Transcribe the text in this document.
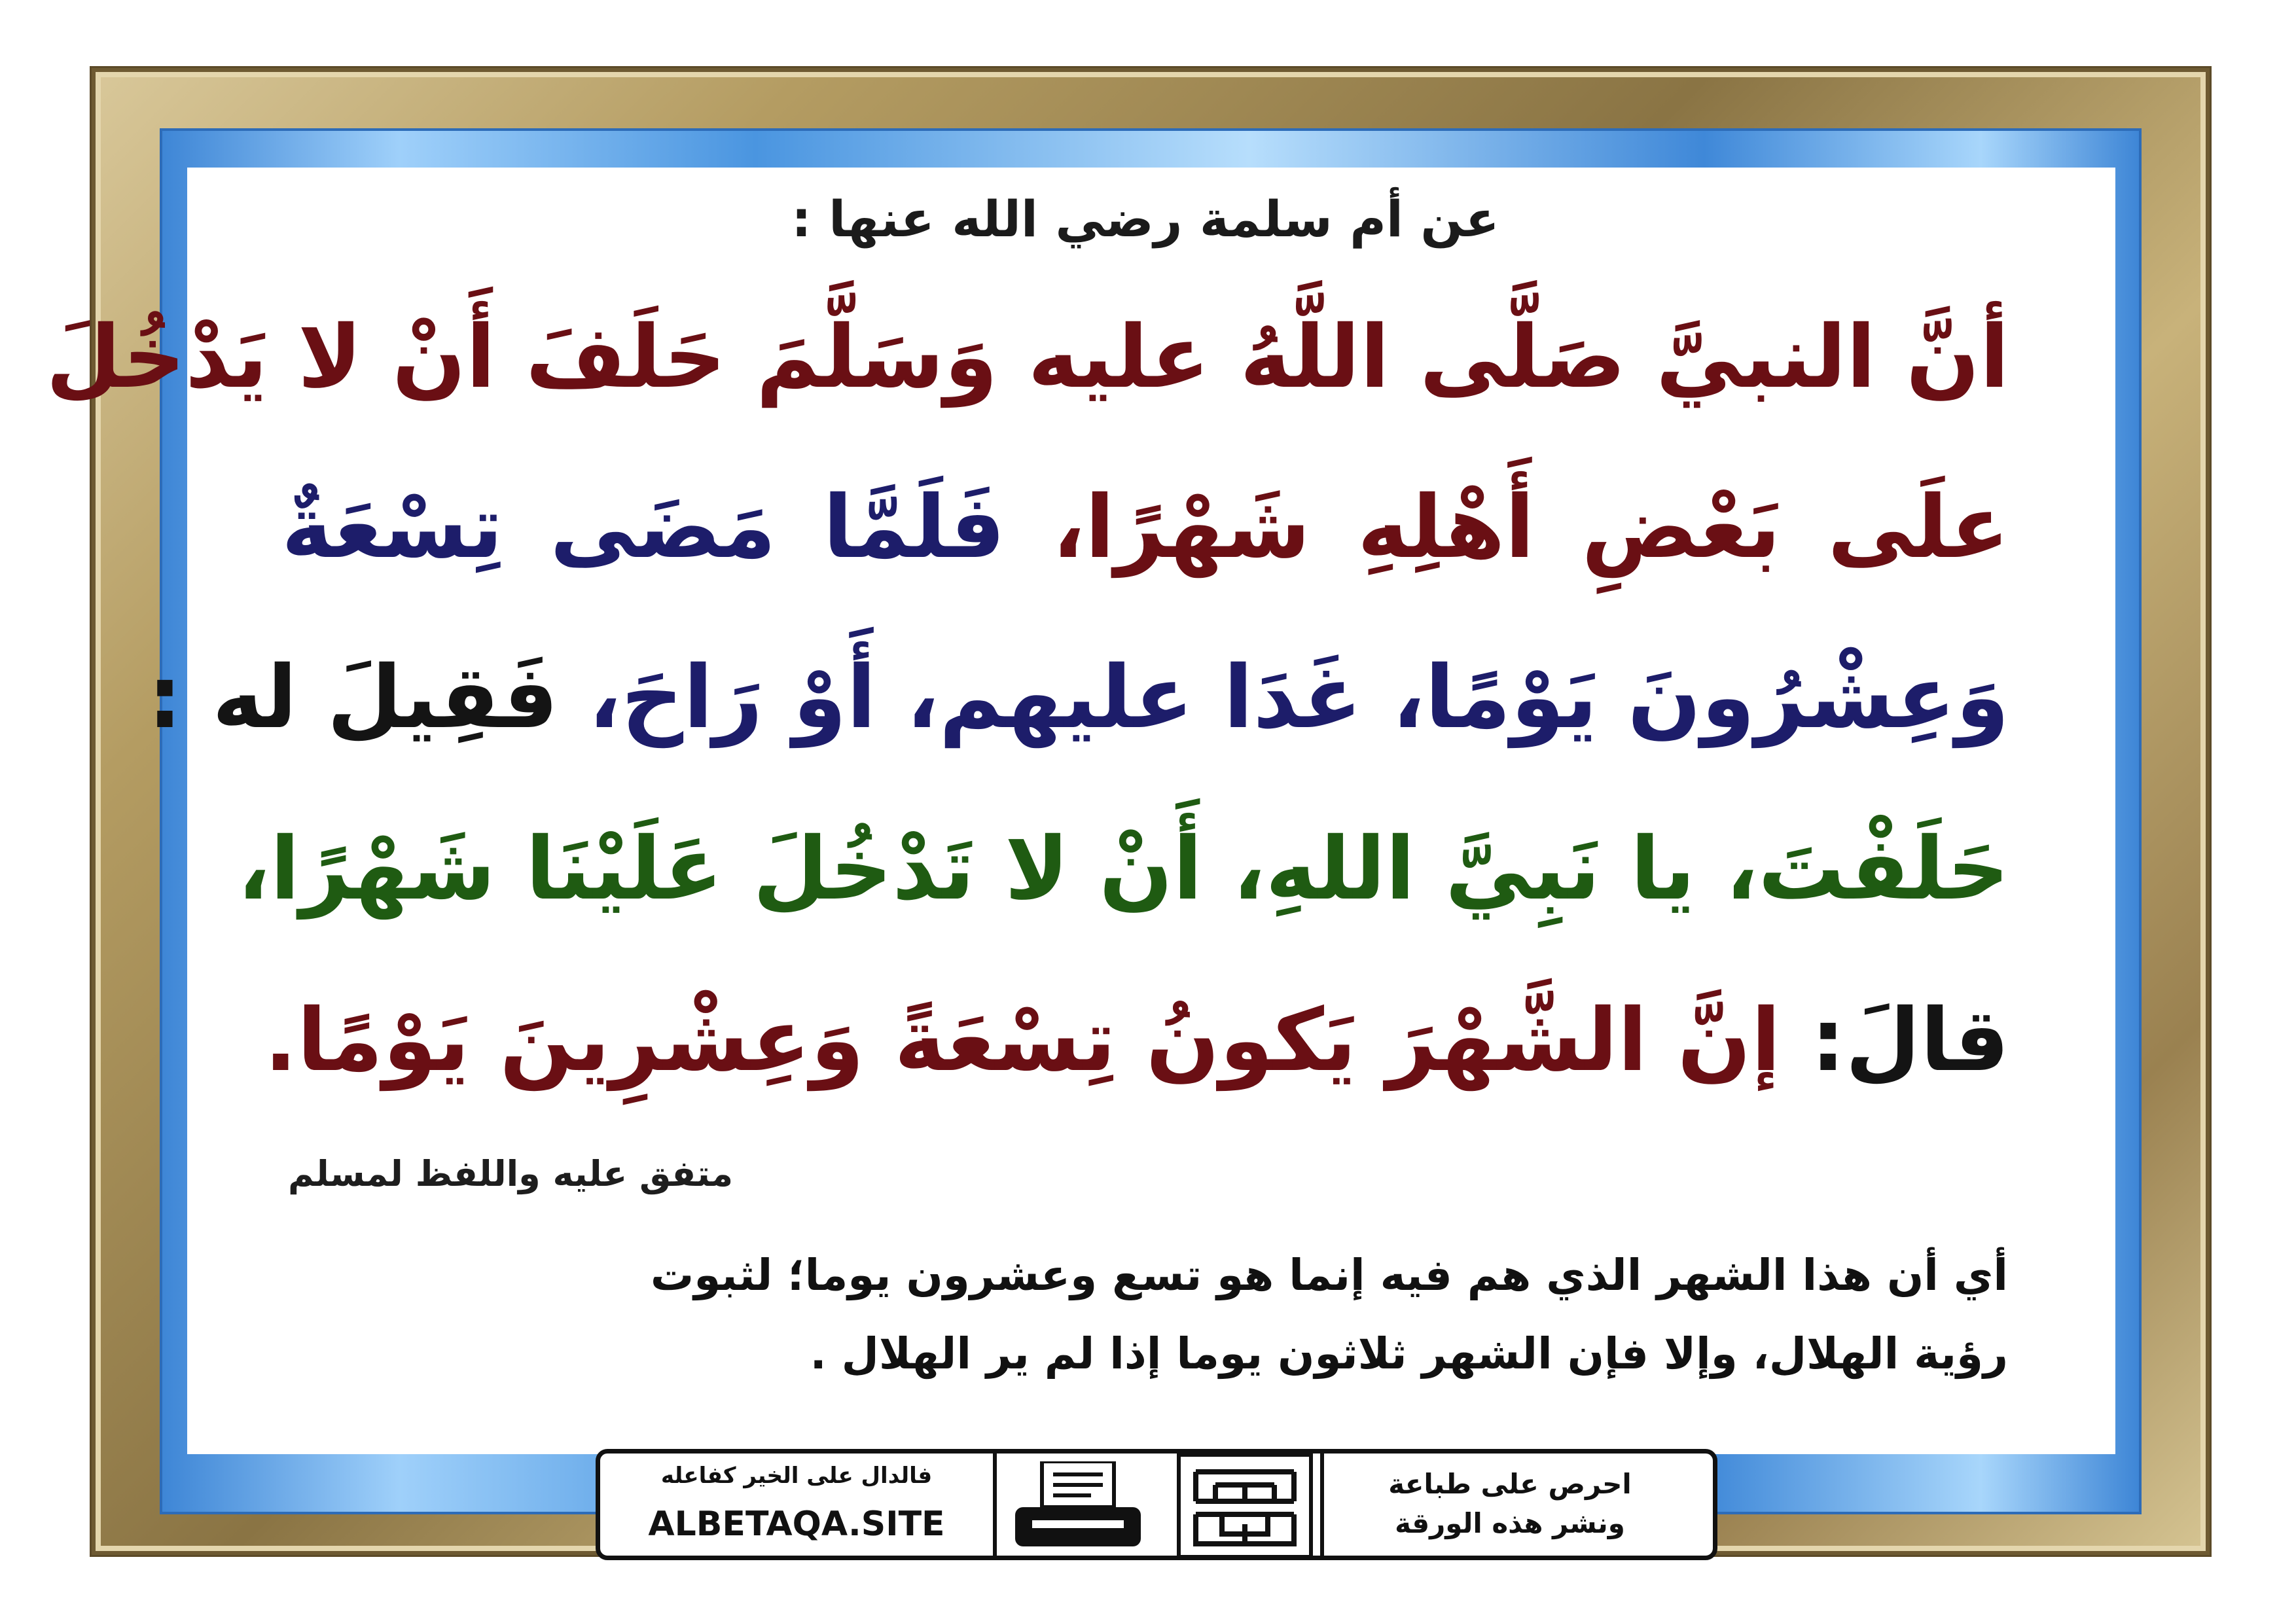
عن أم سلمة رضي الله عنها :
أنَّ النبيَّ صَلَّى اللَّهُ عليه وَسَلَّمَ حَلَفَ أَنْ لا يَدْخُلَ
علَى بَعْضِ أَهْلِهِ شَهْرًا، فَلَمَّا مَضَى تِسْعَةٌ
وَعِشْرُونَ يَوْمًا، غَدَا عليهم، أَوْ رَاحَ، فَقِيلَ له :
حَلَفْتَ، يا نَبِيَّ اللهِ، أَنْ لا تَدْخُلَ عَلَيْنَا شَهْرًا،
قالَ: إنَّ الشَّهْرَ يَكونُ تِسْعَةً وَعِشْرِينَ يَوْمًا.
متفق عليه واللفظ لمسلم
أي أن هذا الشهر الذي هم فيه إنما هو تسع وعشرون يوما؛ لثبوت
رؤية الهلال، وإلا فإن الشهر ثلاثون يوما إذا لم ير الهلال .
فالدال على الخير كفاعله
ALBETAQA.SITE
احرص على طباعة
ونشر هذه الورقة
